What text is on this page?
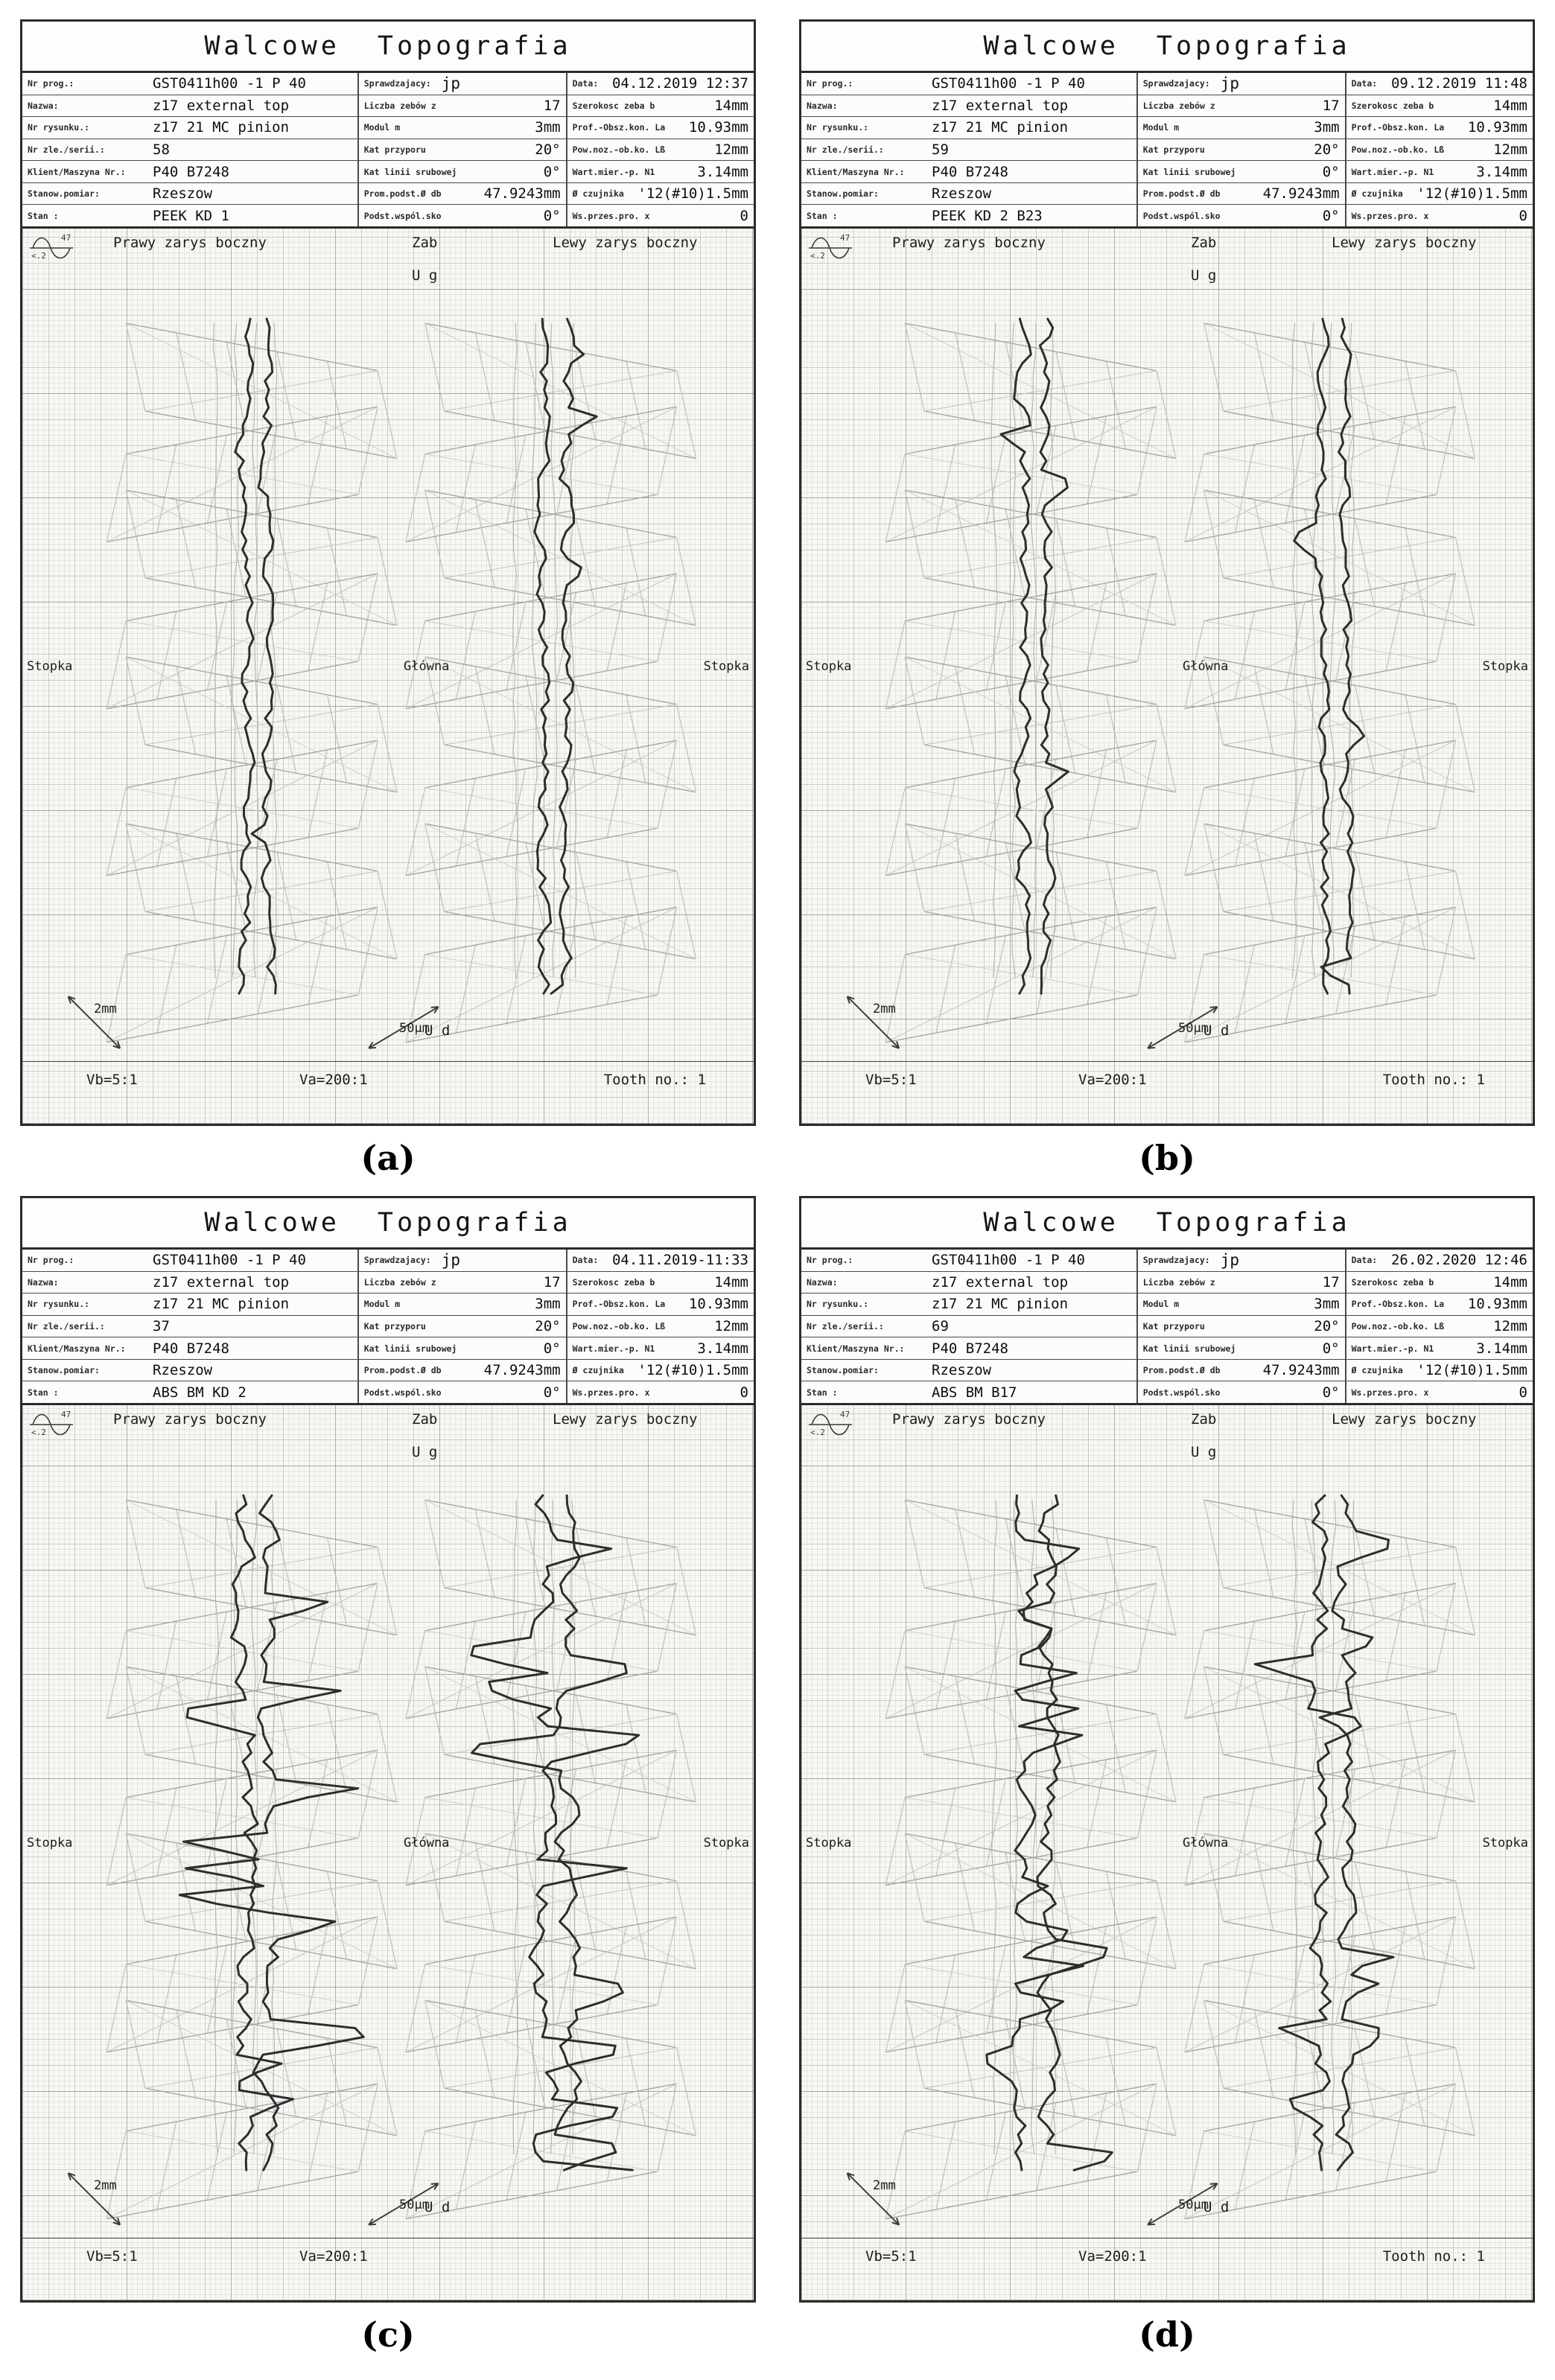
Walcowe Topografia
Nr prog.:	GST0411h00 -1 P 40	Sprawdzajacy: jp	Data: 04.12.2019 12:37
Nazwa:	z17 external top	Liczba zebów z	17 Szerokosc zeba b	14mm
Nr rysunku.:	z17 21 MC pinion	Modul m	3mm Prof.-Obsz.kon. La	10.93mm
Nr zle./serii.:	58	Kat przyporu	20° Pow.noz.-ob.ko. Lß	12mm
Klient/Maszyna Nr.:	P40 B7248	Kat linii srubowej	0° Wart.mier.-p. N1	3.14mm
Stanow.pomiar:	Rzeszow	Prom.podst.Ø db	47.9243mm Ø czujnika '12(#10)1.5mm
Stan :	PEEK KD 1	Podst.wspól.sko	0° Ws.przes.pro. x	0
47
<.2
Prawy zarys boczny	Zab
U g
Lewy zarys boczny
Stopka	Główna	Stopka
2mm
50µm
U d
Vb=5:1	Va=200:1	Tooth no.: 1
(a)
Walcowe Topografia
Nr prog.:	GST0411h00 -1 P 40	Sprawdzajacy: jp	Data: 09.12.2019 11:48
Nazwa:	z17 external top	Liczba zebów z	17 Szerokosc zeba b	14mm
Nr rysunku.:	z17 21 MC pinion	Modul m	3mm Prof.-Obsz.kon. La	10.93mm
Nr zle./serii.:	59	Kat przyporu	20° Pow.noz.-ob.ko. Lß	12mm
Klient/Maszyna Nr.:	P40 B7248	Kat linii srubowej	0° Wart.mier.-p. N1	3.14mm
Stanow.pomiar:	Rzeszow	Prom.podst.Ø db	47.9243mm Ø czujnika '12(#10)1.5mm
Stan :	PEEK KD 2 B23	Podst.wspól.sko	0° Ws.przes.pro. x	0
47
<.2
Prawy zarys boczny	Zab
U g
Lewy zarys boczny
Stopka	Główna	Stopka
2mm
50µm
U d
Vb=5:1	Va=200:1	Tooth no.: 1
(b)
Walcowe Topografia
Nr prog.:	GST0411h00 -1 P 40	Sprawdzajacy: jp	Data: 04.11.2019-11:33
Nazwa:	z17 external top	Liczba zebów z	17 Szerokosc zeba b	14mm
Nr rysunku.:	z17 21 MC pinion	Modul m	3mm Prof.-Obsz.kon. La	10.93mm
Nr zle./serii.:	37	Kat przyporu	20° Pow.noz.-ob.ko. Lß	12mm
Klient/Maszyna Nr.:	P40 B7248	Kat linii srubowej	0° Wart.mier.-p. N1	3.14mm
Stanow.pomiar:	Rzeszow	Prom.podst.Ø db	47.9243mm Ø czujnika '12(#10)1.5mm
Stan :	ABS BM KD 2	Podst.wspól.sko	0° Ws.przes.pro. x	0
47
<.2
Prawy zarys boczny	Zab
U g
Lewy zarys boczny
Stopka	Główna	Stopka
2mm
50µm
U d
Vb=5:1	Va=200:1
(c)
Walcowe Topografia
Nr prog.:	GST0411h00 -1 P 40	Sprawdzajacy: jp	Data: 26.02.2020 12:46
Nazwa:	z17 external top	Liczba zebów z	17 Szerokosc zeba b	14mm
Nr rysunku.:	z17 21 MC pinion	Modul m	3mm Prof.-Obsz.kon. La	10.93mm
Nr zle./serii.:	69	Kat przyporu	20° Pow.noz.-ob.ko. Lß	12mm
Klient/Maszyna Nr.:	P40 B7248	Kat linii srubowej	0° Wart.mier.-p. N1	3.14mm
Stanow.pomiar:	Rzeszow	Prom.podst.Ø db	47.9243mm Ø czujnika '12(#10)1.5mm
Stan :	ABS BM B17	Podst.wspól.sko	0° Ws.przes.pro. x	0
47
<.2
Prawy zarys boczny	Zab
U g
Lewy zarys boczny
Stopka	Główna	Stopka
2mm
50µm
U d
Vb=5:1	Va=200:1	Tooth no.: 1
(d)
